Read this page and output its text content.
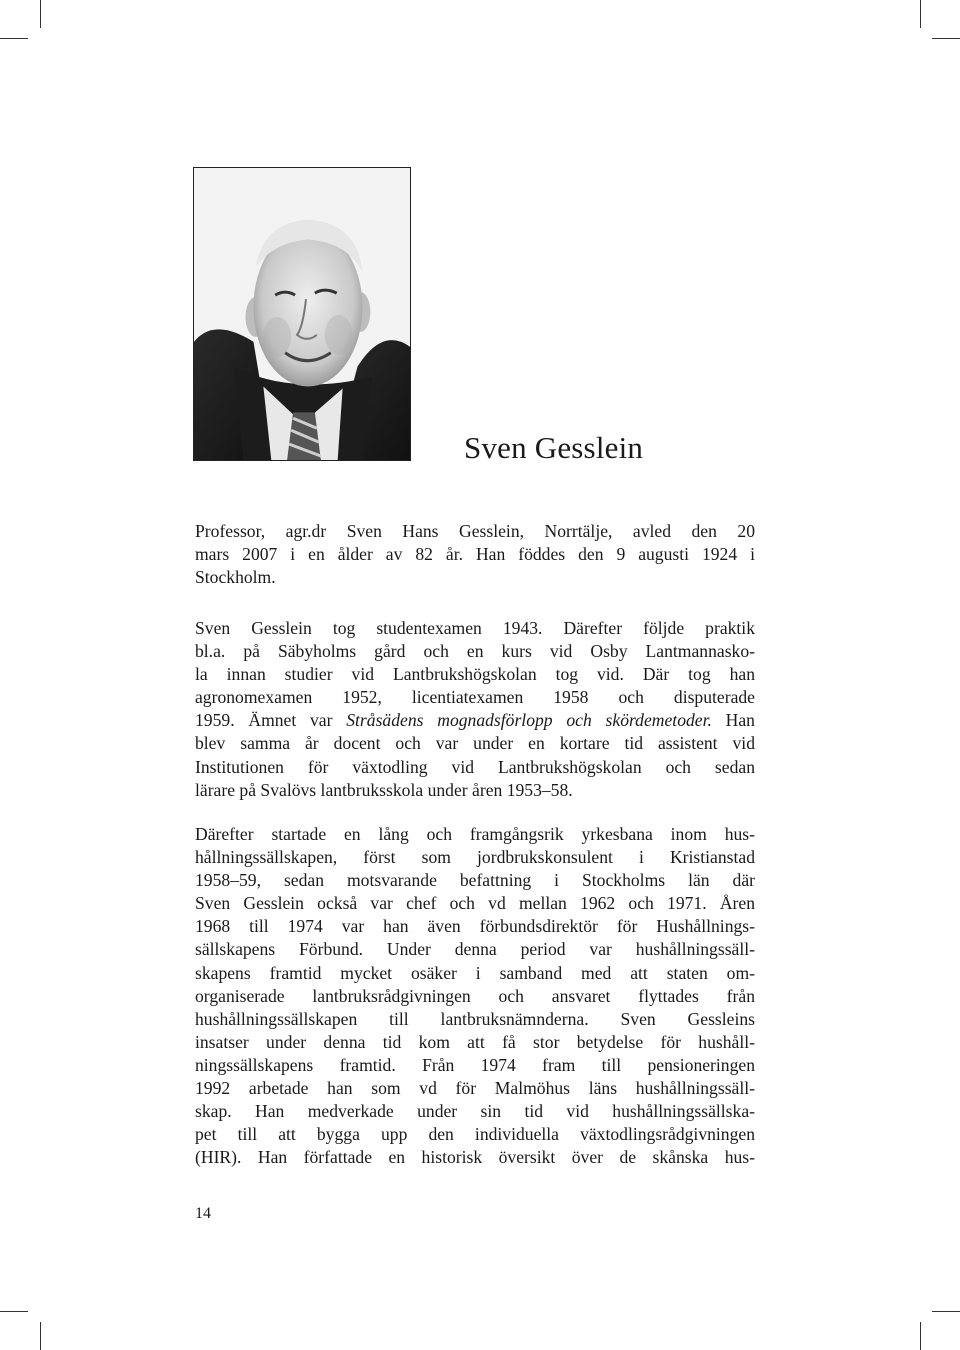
Sven Gesslein
Professor, agr.dr Sven Hans Gesslein, Norrtälje, avled den 20
mars 2007 i en ålder av 82 år. Han föddes den 9 augusti 1924 i
Stockholm.
Sven Gesslein tog studentexamen 1943. Därefter följde praktik
bl.a. på Säbyholms gård och en kurs vid Osby Lantmannasko-
la innan studier vid Lantbrukshögskolan tog vid. Där tog han
agronomexamen 1952, licentiatexamen 1958 och disputerade
1959. Ämnet var Stråsädens mognadsförlopp och skördemetoder. Han
blev samma år docent och var under en kortare tid assistent vid
Institutionen för växtodling vid Lantbrukshögskolan och sedan
lärare på Svalövs lantbruksskola under åren 1953–58.
Därefter startade en lång och framgångsrik yrkesbana inom hus-
hållningssällskapen, först som jordbrukskonsulent i Kristianstad
1958–59, sedan motsvarande befattning i Stockholms län där
Sven Gesslein också var chef och vd mellan 1962 och 1971. Åren
1968 till 1974 var han även förbundsdirektör för Hushållnings-
sällskapens Förbund. Under denna period var hushållningssäll-
skapens framtid mycket osäker i samband med att staten om-
organiserade lantbruksrådgivningen och ansvaret flyttades från
hushållningssällskapen till lantbruksnämnderna. Sven Gessleins
insatser under denna tid kom att få stor betydelse för hushåll-
ningssällskapens framtid. Från 1974 fram till pensioneringen
1992 arbetade han som vd för Malmöhus läns hushållningssäll-
skap. Han medverkade under sin tid vid hushållningssällska-
pet till att bygga upp den individuella växtodlingsrådgivningen
(HIR). Han författade en historisk översikt över de skånska hus-
14
